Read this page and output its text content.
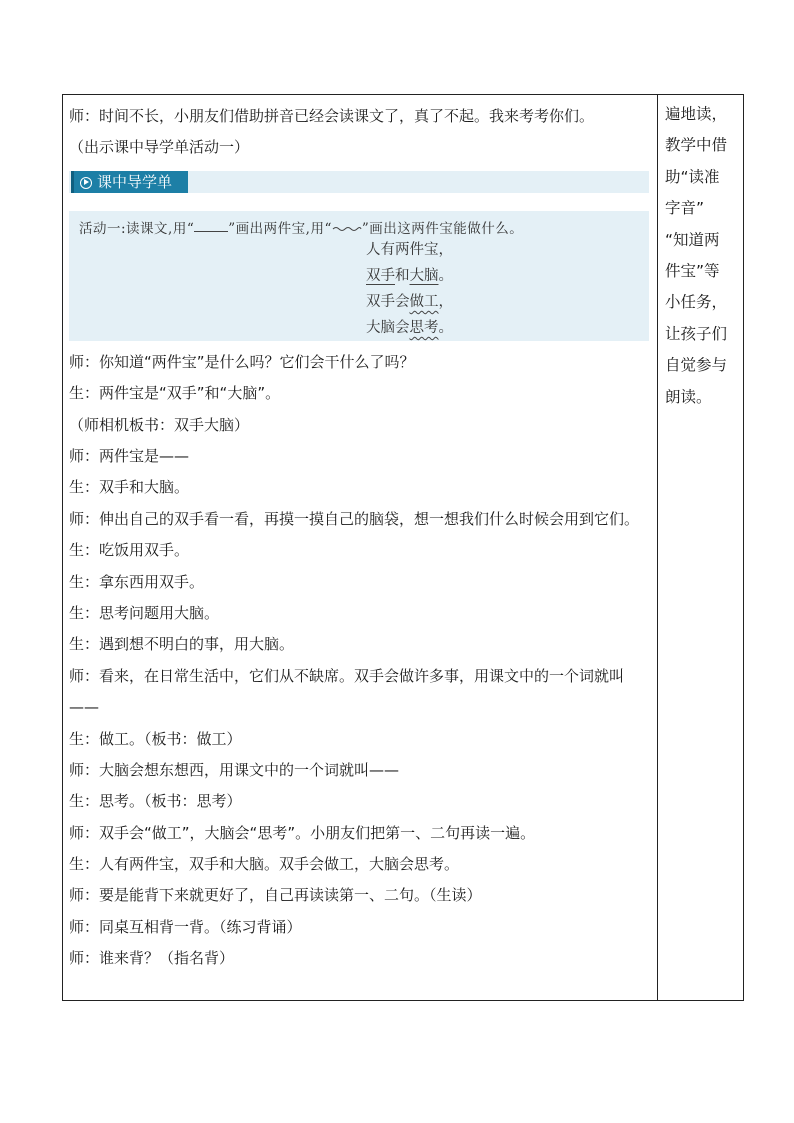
师：时间不长，小朋友们借助拼音已经会读课文了，真了不起。我来考考你们。
（出示课中导学单活动一）
课中导学单
活动一:读课文,用“	”画出两件宝,用“ ”画出这两件宝能做什么。
人有两件宝，
双手和大脑。
双手会做工，
大脑会思考。
师：你知道“两件宝”是什么吗？它们会干什么了吗？
生：两件宝是“双手”和“大脑”。
（师相机板书：双手大脑）
师：两件宝是——
生：双手和大脑。
师：伸出自己的双手看一看，再摸一摸自己的脑袋，想一想我们什么时候会用到它们。
生：吃饭用双手。
生：拿东西用双手。
生：思考问题用大脑。
生：遇到想不明白的事，用大脑。
师：看来，在日常生活中，它们从不缺席。双手会做许多事，用课文中的一个词就叫——
生：做工。（板书：做工）
师：大脑会想东想西，用课文中的一个词就叫——
生：思考。（板书：思考）
师：双手会“做工”，大脑会“思考”。小朋友们把第一、二句再读一遍。
生：人有两件宝，双手和大脑。双手会做工，大脑会思考。
师：要是能背下来就更好了，自己再读读第一、二句。（生读）
师：同桌互相背一背。（练习背诵）
师：谁来背？（指名背）
遍地读，
教学中借
助“读准
字音”
“知道两
件宝”等
小任务，
让孩子们
自觉参与
朗读。
